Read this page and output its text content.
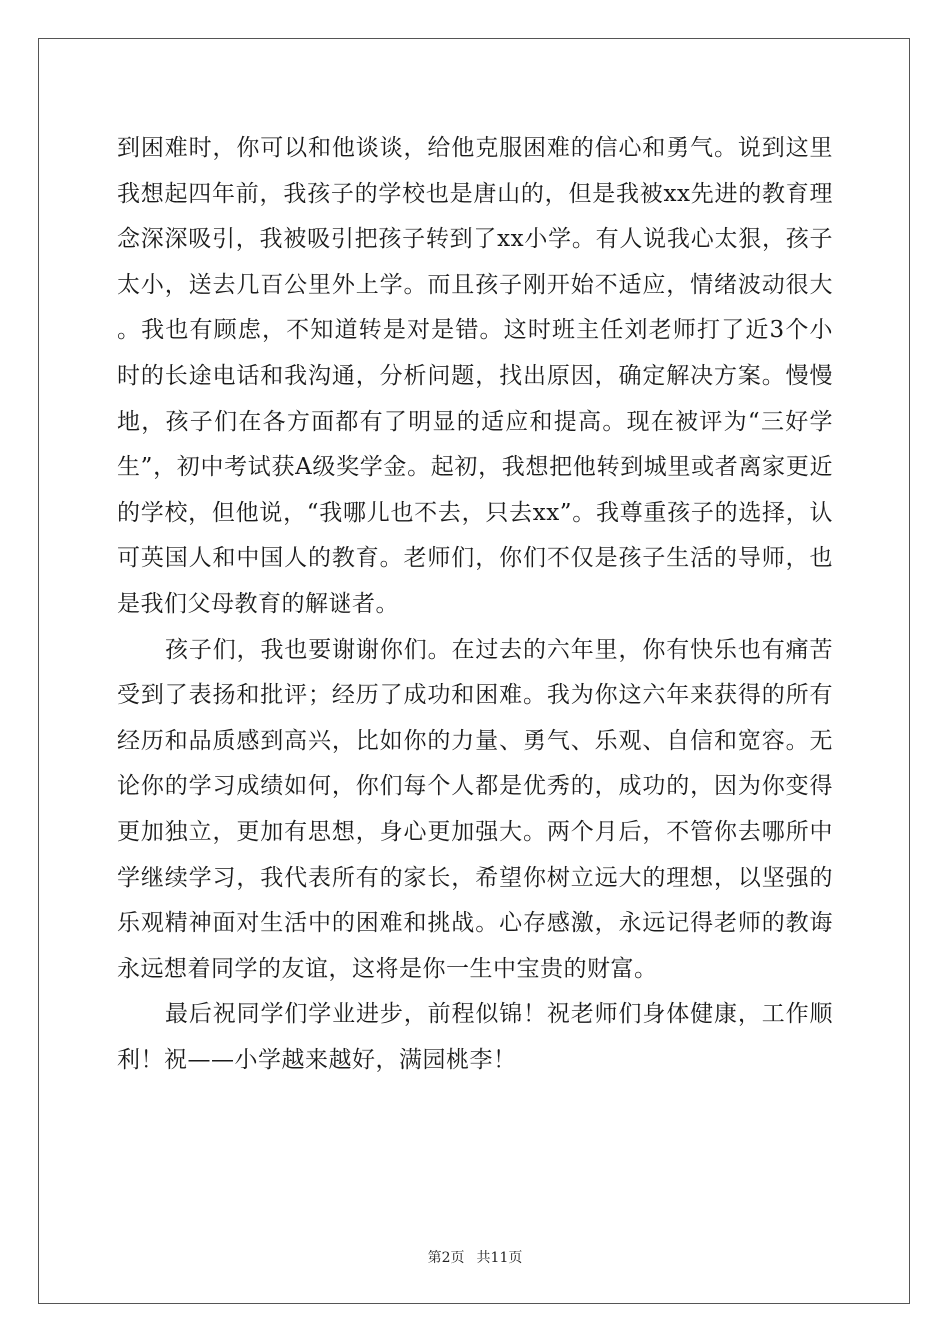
到困难时，你可以和他谈谈，给他克服困难的信心和勇气。说到这里我想起四年前，我孩子的学校也是唐山的，但是我被xx先进的教育理念深深吸引，我被吸引把孩子转到了xx小学。有人说我心太狠，孩子太小，送去几百公里外上学。而且孩子刚开始不适应，情绪波动很大。我也有顾虑，不知道转是对是错。这时班主任刘老师打了近3个小时的长途电话和我沟通，分析问题，找出原因，确定解决方案。慢慢地，孩子们在各方面都有了明显的适应和提高。现在被评为“三好学生”，初中考试获A级奖学金。起初，我想把他转到城里或者离家更近的学校，但他说，“我哪儿也不去，只去xx”。我尊重孩子的选择，认可英国人和中国人的教育。老师们，你们不仅是孩子生活的导师，也是我们父母教育的解谜者。

孩子们，我也要谢谢你们。在过去的六年里，你有快乐也有痛苦受到了表扬和批评；经历了成功和困难。我为你这六年来获得的所有经历和品质感到高兴，比如你的力量、勇气、乐观、自信和宽容。无论你的学习成绩如何，你们每个人都是优秀的，成功的，因为你变得更加独立，更加有思想，身心更加强大。两个月后，不管你去哪所中学继续学习，我代表所有的家长，希望你树立远大的理想，以坚强的乐观精神面对生活中的困难和挑战。心存感激，永远记得老师的教诲永远想着同学的友谊，这将是你一生中宝贵的财富。

最后祝同学们学业进步，前程似锦！祝老师们身体健康，工作顺利！祝——小学越来越好，满园桃李！

第2页 共11页
